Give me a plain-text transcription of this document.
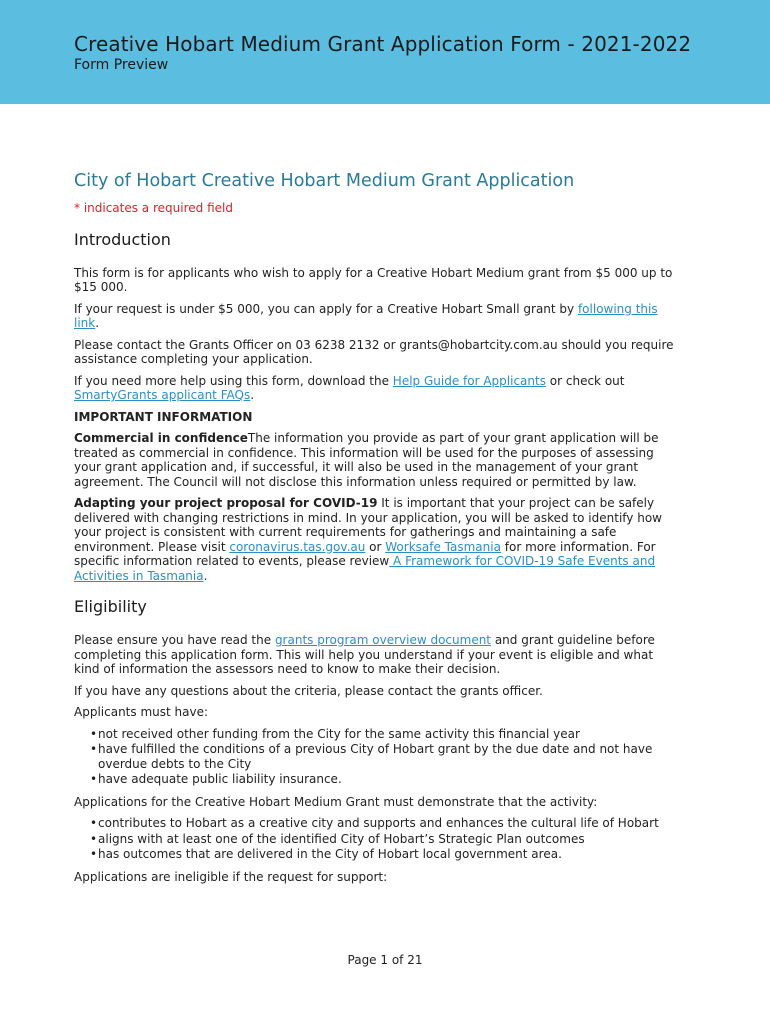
Creative Hobart Medium Grant Application Form - 2021-2022
Form Preview
City of Hobart Creative Hobart Medium Grant Application
* indicates a required field
Introduction

This form is for applicants who wish to apply for a Creative Hobart Medium grant from $5 000 up to $15 000.

If your request is under $5 000, you can apply for a Creative Hobart Small grant by following this link.

Please contact the Grants Officer on 03 6238 2132 or grants@hobartcity.com.au should you require assistance completing your application.

If you need more help using this form, download the Help Guide for Applicants or check out SmartyGrants applicant FAQs.

IMPORTANT INFORMATION

Commercial in confidenceThe information you provide as part of your grant application will be treated as commercial in confidence. This information will be used for the purposes of assessing your grant application and, if successful, it will also be used in the management of your grant agreement. The Council will not disclose this information unless required or permitted by law.

Adapting your project proposal for COVID-19 It is important that your project can be safely delivered with changing restrictions in mind. In your application, you will be asked to identify how your project is consistent with current requirements for gatherings and maintaining a safe environment. Please visit coronavirus.tas.gov.au or Worksafe Tasmania for more information. For specific information related to events, please review A Framework for COVID-19 Safe Events and Activities in Tasmania.

Eligibility

Please ensure you have read the grants program overview document and grant guideline before completing this application form. This will help you understand if your event is eligible and what kind of information the assessors need to know to make their decision.

If you have any questions about the criteria, please contact the grants officer.

Applicants must have:

• not received other funding from the City for the same activity this financial year
• have fulfilled the conditions of a previous City of Hobart grant by the due date and not have overdue debts to the City
• have adequate public liability insurance.

Applications for the Creative Hobart Medium Grant must demonstrate that the activity:

• contributes to Hobart as a creative city and supports and enhances the cultural life of Hobart
• aligns with at least one of the identified City of Hobart’s Strategic Plan outcomes
• has outcomes that are delivered in the City of Hobart local government area.

Applications are ineligible if the request for support:

Page 1 of 21
